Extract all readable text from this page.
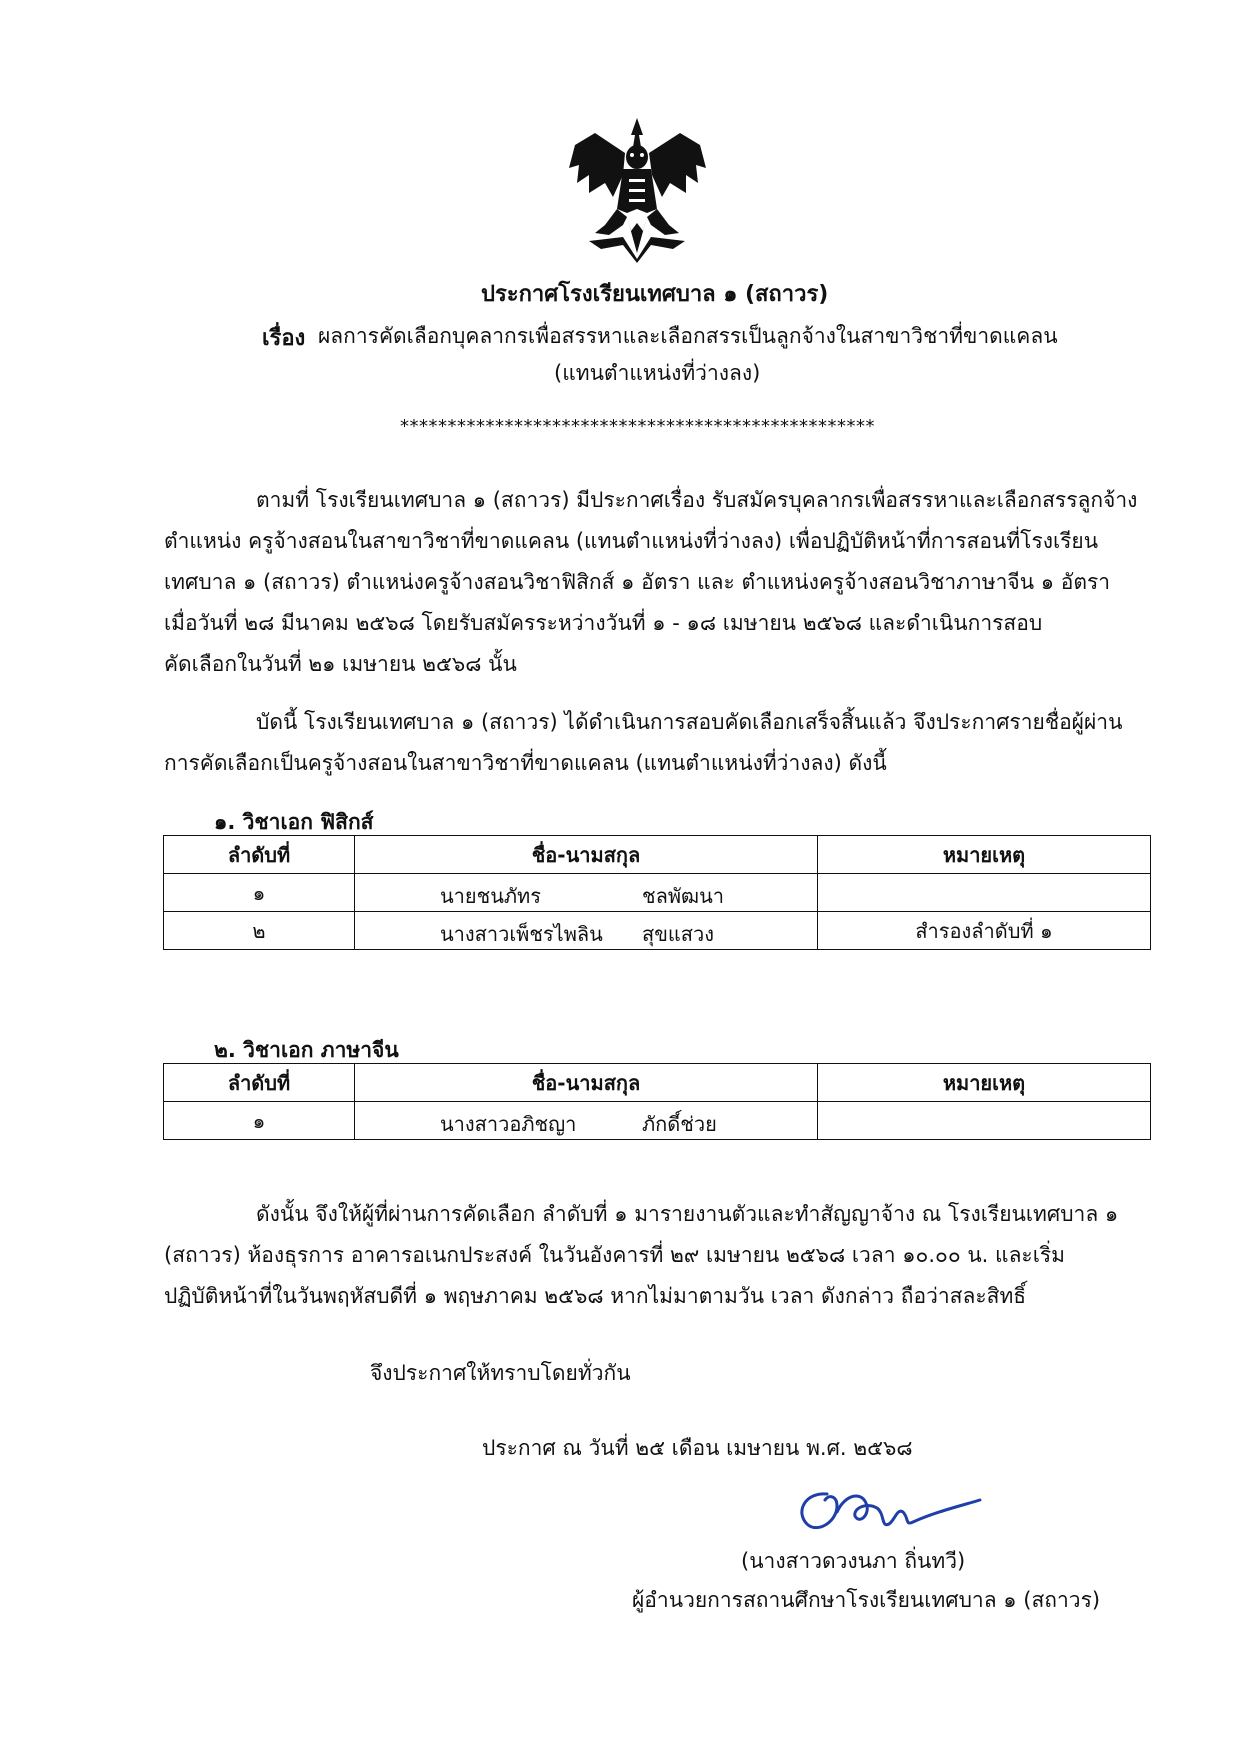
ประกาศโรงเรียนเทศบาล ๑ (สถาวร)
เรื่อง ผลการคัดเลือกบุคลากรเพื่อสรรหาและเลือกสรรเป็นลูกจ้างในสาขาวิชาที่ขาดแคลน
(แทนตำแหน่งที่ว่างลง)
**************************************************
ตามที่ โรงเรียนเทศบาล ๑ (สถาวร) มีประกาศเรื่อง รับสมัครบุคลากรเพื่อสรรหาและเลือกสรรลูกจ้าง
ตำแหน่ง ครูจ้างสอนในสาขาวิชาที่ขาดแคลน (แทนตำแหน่งที่ว่างลง) เพื่อปฏิบัติหน้าที่การสอนที่โรงเรียน
เทศบาล ๑ (สถาวร) ตำแหน่งครูจ้างสอนวิชาฟิสิกส์ ๑ อัตรา และ ตำแหน่งครูจ้างสอนวิชาภาษาจีน ๑ อัตรา
เมื่อวันที่ ๒๘ มีนาคม ๒๕๖๘ โดยรับสมัครระหว่างวันที่ ๑ - ๑๘ เมษายน ๒๕๖๘ และดำเนินการสอบ
คัดเลือกในวันที่ ๒๑ เมษายน ๒๕๖๘ นั้น
บัดนี้ โรงเรียนเทศบาล ๑ (สถาวร) ได้ดำเนินการสอบคัดเลือกเสร็จสิ้นแล้ว จึงประกาศรายชื่อผู้ผ่าน
การคัดเลือกเป็นครูจ้างสอนในสาขาวิชาที่ขาดแคลน (แทนตำแหน่งที่ว่างลง) ดังนี้
๑. วิชาเอก ฟิสิกส์
ลำดับที่	ชื่อ-นามสกุล	หมายเหตุ
๑	นายชนภัทร ชลพัฒนา	

๒	นางสาวเพ็ชรไพลิน สุขแสวง	สำรองลำดับที่ ๑
๒. วิชาเอก ภาษาจีน
ลำดับที่	ชื่อ-นามสกุล	หมายเหตุ
๑	นางสาวอภิชญา ภักดี์ช่วย	

ดังนั้น จึงให้ผู้ที่ผ่านการคัดเลือก ลำดับที่ ๑ มารายงานตัวและทำสัญญาจ้าง ณ โรงเรียนเทศบาล ๑
(สถาวร) ห้องธุรการ อาคารอเนกประสงค์ ในวันอังคารที่ ๒๙ เมษายน ๒๕๖๘ เวลา ๑๐.๐๐ น. และเริ่ม
ปฏิบัติหน้าที่ในวันพฤหัสบดีที่ ๑ พฤษภาคม ๒๕๖๘ หากไม่มาตามวัน เวลา ดังกล่าว ถือว่าสละสิทธิ์
จึงประกาศให้ทราบโดยทั่วกัน
ประกาศ ณ วันที่ ๒๕ เดือน เมษายน พ.ศ. ๒๕๖๘
(นางสาวดวงนภา ถิ่นทวี)
ผู้อำนวยการสถานศึกษาโรงเรียนเทศบาล ๑ (สถาวร)
